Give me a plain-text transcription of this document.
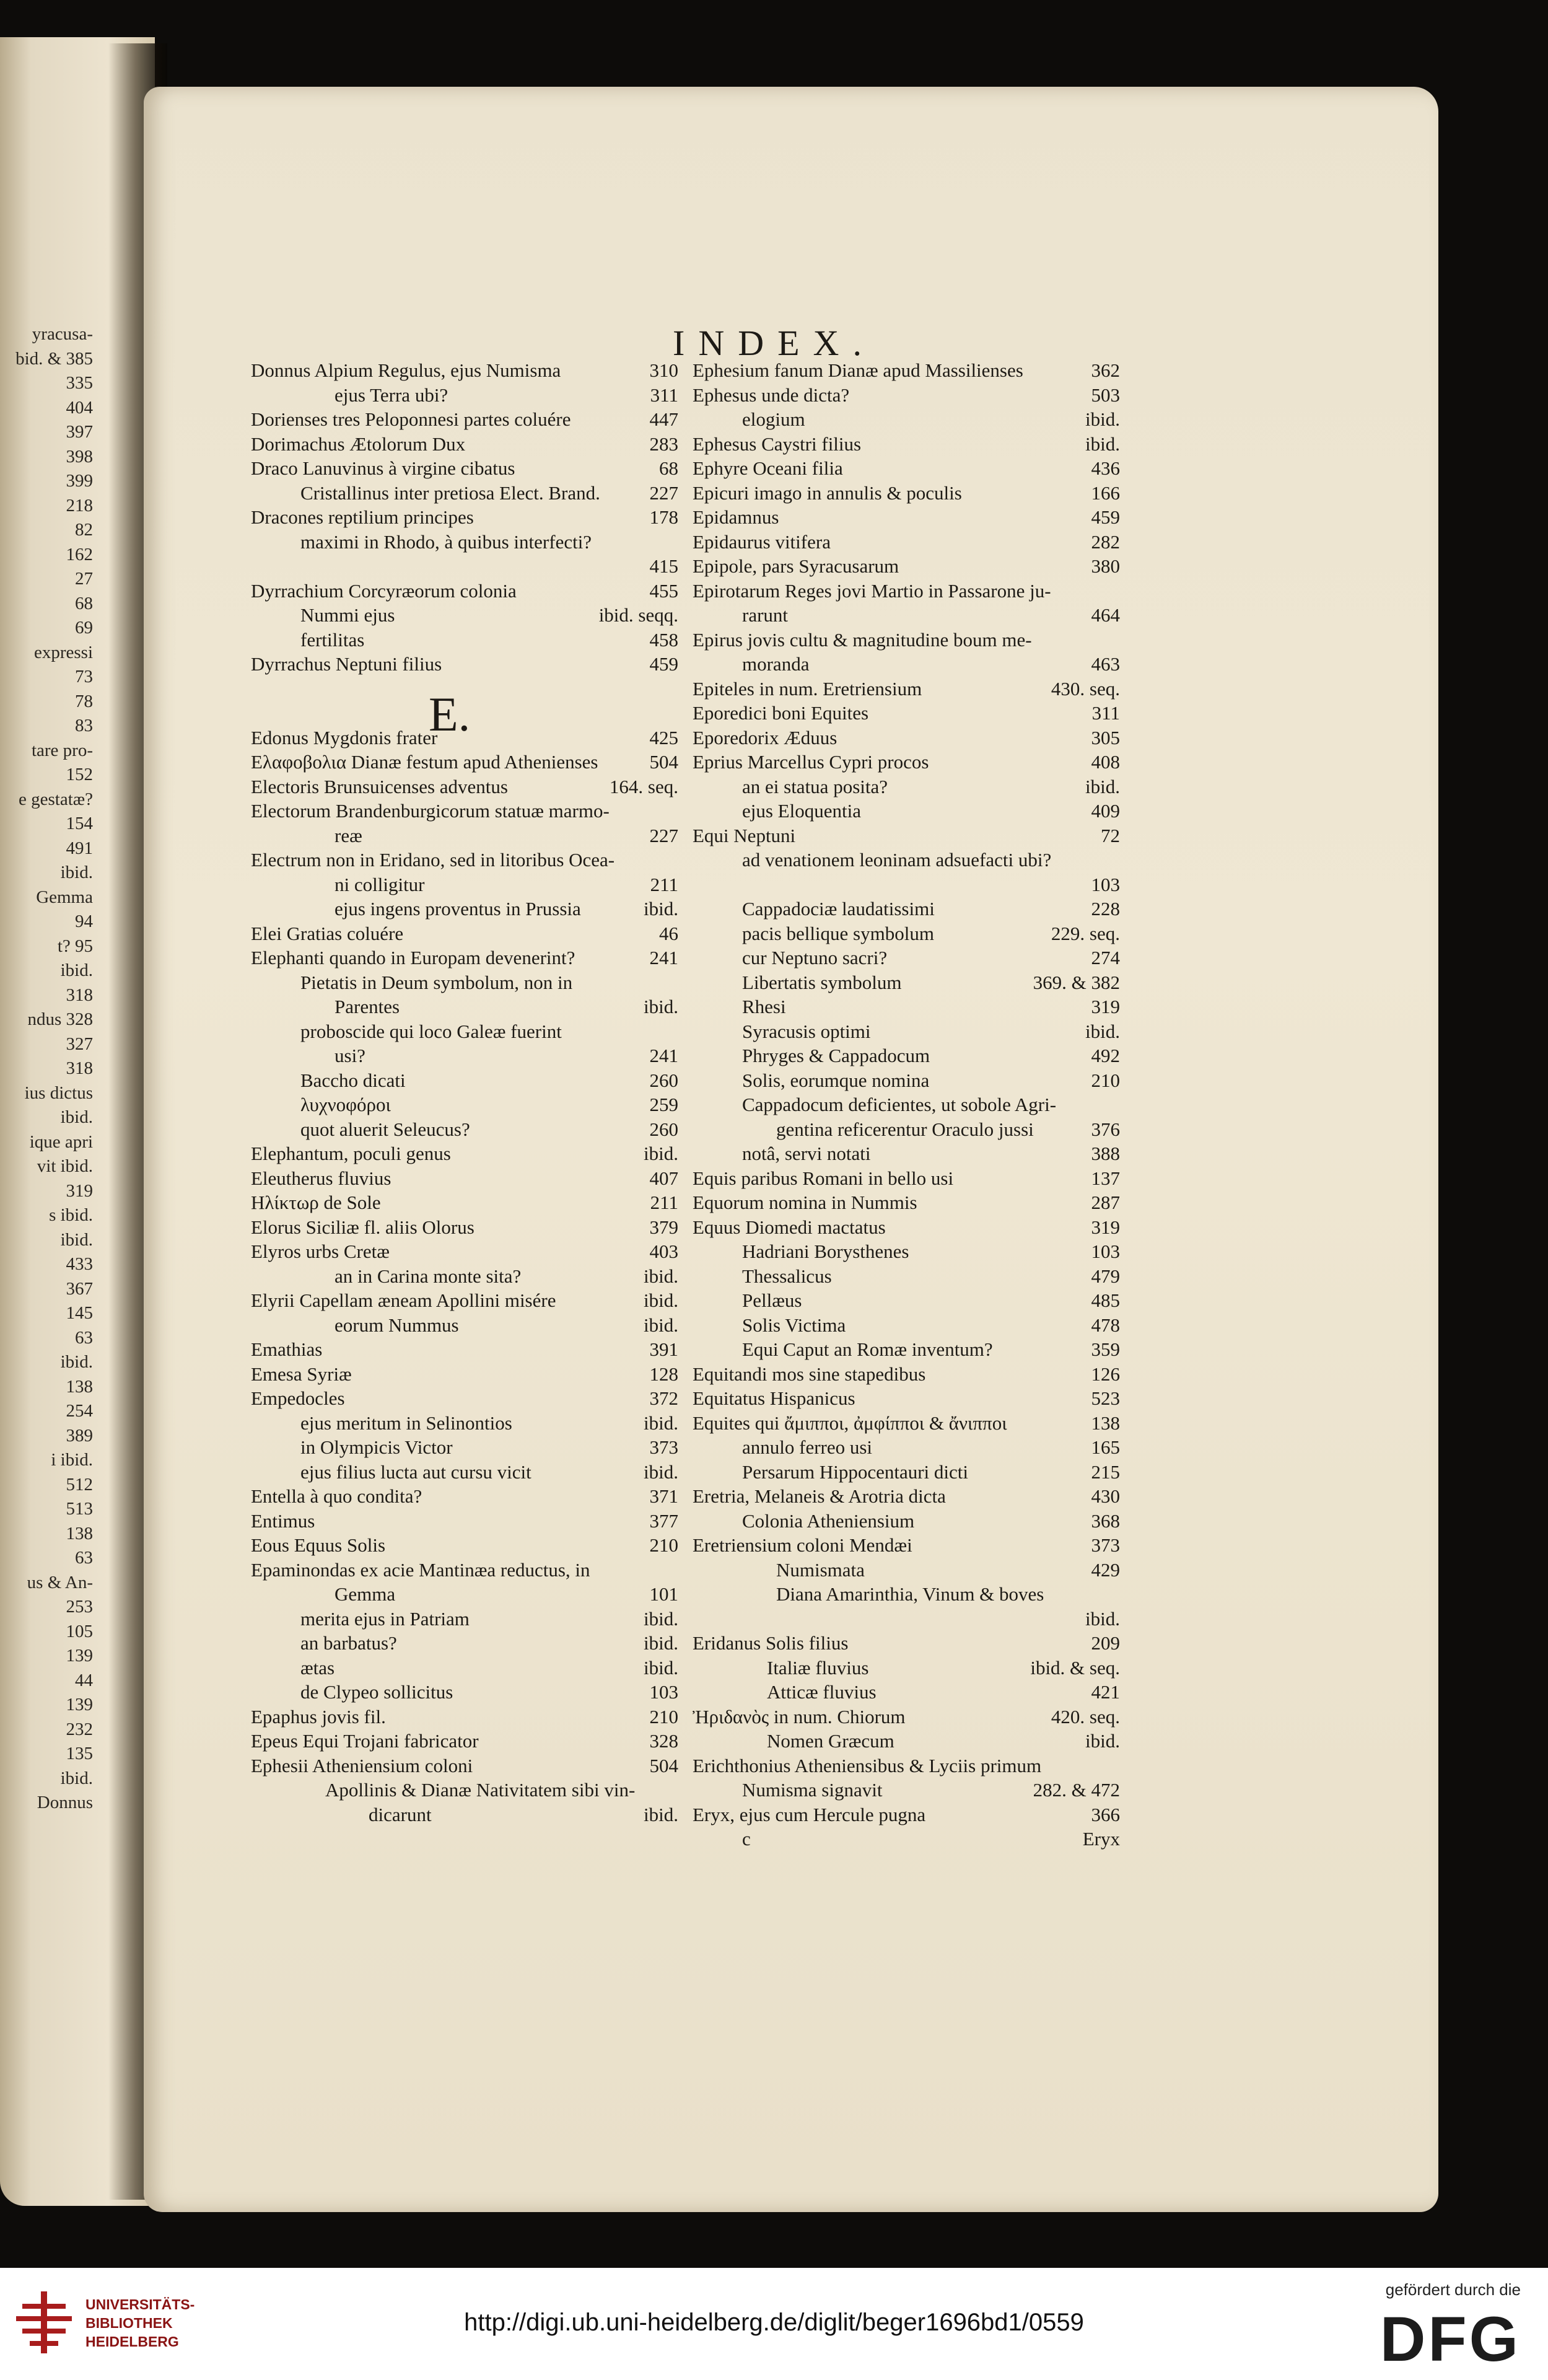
yracusa-
bid. & 385
335
404
397
398
399
218
82
162
27
68
69
expressi
73
78
83
tare pro-
152
e gestatæ?
154
491
ibid.
Gemma
94
t? 95
ibid.
318
ndus 328
327
318
ius dictus
ibid.
ique apri
vit ibid.
319
s ibid.
ibid.
433
367
145
63
ibid.
138
254
389
i ibid.
512
513
138
63
us & An-
253
105
139
44
139
232
135
ibid.
Donnus
INDEX.
E.
Donnus Alpium Regulus, ejus Numisma	310
ejus Terra ubi?	311
Dorienses tres Peloponnesi partes coluére	447
Dorimachus Ætolorum Dux	283
Draco Lanuvinus à virgine cibatus	68
Cristallinus inter pretiosa Elect. Brand.	227
Dracones reptilium principes	178
maximi in Rhodo, à quibus interfecti?
415
Dyrrachium Corcyræorum colonia	455
Nummi ejus	ibid. seqq.
fertilitas	458
Dyrrachus Neptuni filius	459
Edonus Mygdonis frater	425
Ελαφοβολια Dianæ festum apud Athenienses	504
Electoris Brunsuicenses adventus	164. seq.
Electorum Brandenburgicorum statuæ marmo-
reæ	227
Electrum non in Eridano, sed in litoribus Ocea-
ni colligitur	211
ejus ingens proventus in Prussia	ibid.
Elei Gratias coluére	46
Elephanti quando in Europam devenerint?	241
Pietatis in Deum symbolum, non in
Parentes	ibid.
proboscide qui loco Galeæ fuerint
usi?	241
Baccho dicati	260
λυχνοφόροι	259
quot aluerit Seleucus?	260
Elephantum, poculi genus	ibid.
Eleutherus fluvius	407
Ηλίκτωρ de Sole	211
Elorus Siciliæ fl. aliis Olorus	379
Elyros urbs Cretæ	403
an in Carina monte sita?	ibid.
Elyrii Capellam æneam Apollini misére	ibid.
eorum Nummus	ibid.
Emathias	391
Emesa Syriæ	128
Empedocles	372
ejus meritum in Selinontios	ibid.
in Olympicis Victor	373
ejus filius lucta aut cursu vicit	ibid.
Entella à quo condita?	371
Entimus	377
Eous Equus Solis	210
Epaminondas ex acie Mantinæa reductus, in
Gemma	101
merita ejus in Patriam	ibid.
an barbatus?	ibid.
ætas	ibid.
de Clypeo sollicitus	103
Epaphus jovis fil.	210
Epeus Equi Trojani fabricator	328
Ephesii Atheniensium coloni	504
Apollinis & Dianæ Nativitatem sibi vin-
dicarunt	ibid.
Ephesium fanum Dianæ apud Massilienses	362
Ephesus unde dicta?	503
elogium	ibid.
Ephesus Caystri filius	ibid.
Ephyre Oceani filia	436
Epicuri imago in annulis & poculis	166
Epidamnus	459
Epidaurus vitifera	282
Epipole, pars Syracusarum	380
Epirotarum Reges jovi Martio in Passarone ju-
rarunt	464
Epirus jovis cultu & magnitudine boum me-
moranda	463
Epiteles in num. Eretriensium	430. seq.
Eporedici boni Equites	311
Eporedorix Æduus	305
Eprius Marcellus Cypri procos	408
an ei statua posita?	ibid.
ejus Eloquentia	409
Equi Neptuni	72
ad venationem leoninam adsuefacti ubi?
103
Cappadociæ laudatissimi	228
pacis bellique symbolum	229. seq.
cur Neptuno sacri?	274
Libertatis symbolum	369. & 382
Rhesi	319
Syracusis optimi	ibid.
Phryges & Cappadocum	492
Solis, eorumque nomina	210
Cappadocum deficientes, ut sobole Agri-
gentina reficerentur Oraculo jussi	376
notâ, servi notati	388
Equis paribus Romani in bello usi	137
Equorum nomina in Nummis	287
Equus Diomedi mactatus	319
Hadriani Borysthenes	103
Thessalicus	479
Pellæus	485
Solis Victima	478
Equi Caput an Romæ inventum?	359
Equitandi mos sine stapedibus	126
Equitatus Hispanicus	523
Equites qui ἄμιπποι, ἀμφίπποι & ἄνιπποι	138
annulo ferreo usi	165
Persarum Hippocentauri dicti	215
Eretria, Melaneis & Arotria dicta	430
Colonia Atheniensium	368
Eretriensium coloni Mendæi	373
Numismata	429
Diana Amarinthia, Vinum & boves
ibid.
Eridanus Solis filius	209
Italiæ fluvius	ibid. & seq.
Atticæ fluvius	421
Ἠριδανὸς in num. Chiorum	420. seq.
Nomen Græcum	ibid.
Erichthonius Atheniensibus & Lyciis primum
Numisma signavit	282. & 472
Eryx, ejus cum Hercule pugna	366
c	Eryx
UNIVERSITÄTS-
BIBLIOTHEK
HEIDELBERG
http://digi.ub.uni-heidelberg.de/diglit/beger1696bd1/0559
gefördert durch die
DFG
